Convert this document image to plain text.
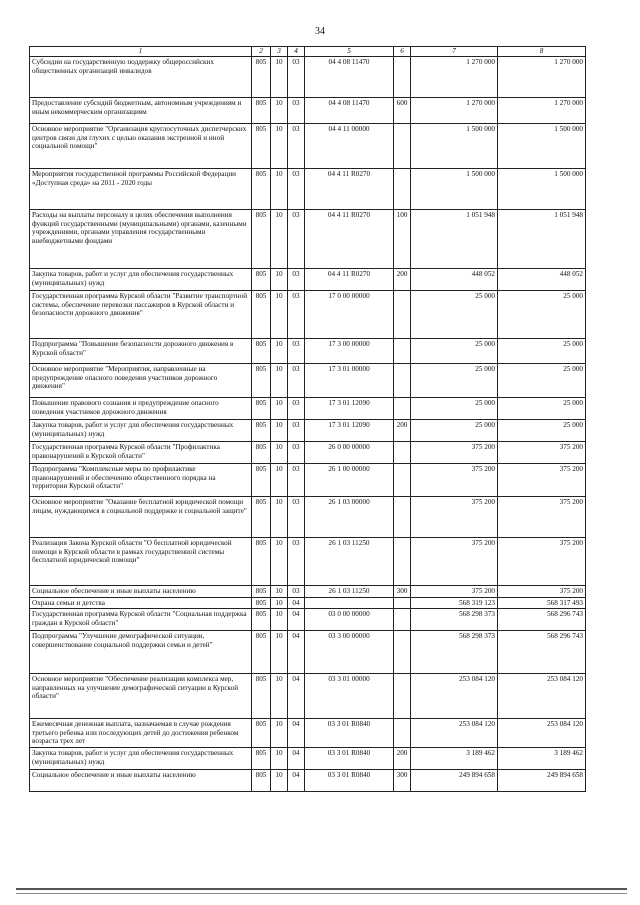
34
1	2	3	4	5	6	7	8
Субсидии на государственную поддержку общероссийских общественных организаций инвалидов	805	10	03	04 4 08 11470		1 270 000	1 270 000
Предоставление субсидий бюджетным, автономным учреждениям и иным некоммерческим организациям	805	10	03	04 4 08 11470	600	1 270 000	1 270 000
Основное мероприятие "Организация круглосуточных диспетчерских центров связи для глухих с целью оказания экстренной и иной социальной помощи"	805	10	03	04 4 11 00000		1 500 000	1 500 000
Мероприятия государственной программы Российской Федерации «Доступная среда» на 2011 - 2020 годы	805	10	03	04 4 11 R0270		1 500 000	1 500 000
Расходы на выплаты персоналу в целях обеспечения выполнения функций государственными (муниципальными) органами, казенными учреждениями, органами управления государственными внебюджетными фондами	805	10	03	04 4 11 R0270	100	1 051 948	1 051 948
Закупка товаров, работ и услуг для обеспечения государственных (муниципальных) нужд	805	10	03	04 4 11 R0270	200	448 052	448 052
Государственная программа Курской области "Развитие транспортной системы, обеспечение перевозки пассажиров в Курской области и безопасности дорожного движения"	805	10	03	17 0 00 00000		25 000	25 000
Подпрограмма "Повышение безопасности дорожного движения в Курской области"	805	10	03	17 3 00 00000		25 000	25 000
Основное мероприятие "Мероприятия, направленные на предупреждение опасного поведения участников дорожного движения"	805	10	03	17 3 01 00000		25 000	25 000
Повышение правового сознания и предупреждение опасного поведения участников дорожного движения	805	10	03	17 3 01 12090		25 000	25 000
Закупка товаров, работ и услуг для обеспечения государственных (муниципальных) нужд	805	10	03	17 3 01 12090	200	25 000	25 000
Государственная программа Курской области "Профилактика правонарушений в Курской области"	805	10	03	26 0 00 00000		375 200	375 200
Подпрограмма "Комплексные меры по профилактике правонарушений и обеспечению общественного порядка на территории Курской области"	805	10	03	26 1 00 00000		375 200	375 200
Основное мероприятие "Оказание бесплатной юридической помощи лицам, нуждающимся в социальной поддержке и социальной защите"	805	10	03	26 1 03 00000		375 200	375 200
Реализация Закона Курской области "О бесплатной юридической помощи в Курской области в рамках государственной системы бесплатной юридической помощи"	805	10	03	26 1 03 11250		375 200	375 200
Социальное обеспечение и иные выплаты населению	805	10	03	26 1 03 11250	300	375 200	375 200
Охрана семьи и детства	805	10	04			568 319 123	568 317 493
Государственная программа Курской области "Социальная поддержка граждан в Курской области"	805	10	04	03 0 00 00000		568 298 373	568 296 743
Подпрограмма "Улучшение демографической ситуации, совершенствование социальной поддержки семьи и детей"	805	10	04	03 3 00 00000		568 298 373	568 296 743
Основное мероприятие "Обеспечение реализации комплекса мер, направленных на улучшение демографической ситуации в Курской области"	805	10	04	03 3 01 00000		253 084 120	253 084 120
Ежемесячная денежная выплата, назначаемая в случае рождения третьего ребенка или последующих детей до достижения ребенком возраста трех лет	805	10	04	03 3 01 R0840		253 084 120	253 084 120
Закупка товаров, работ и услуг для обеспечения государственных (муниципальных) нужд	805	10	04	03 3 01 R0840	200	3 189 462	3 189 462
Социальное обеспечение и иные выплаты населению	805	10	04	03 3 01 R0840	300	249 894 658	249 894 658
